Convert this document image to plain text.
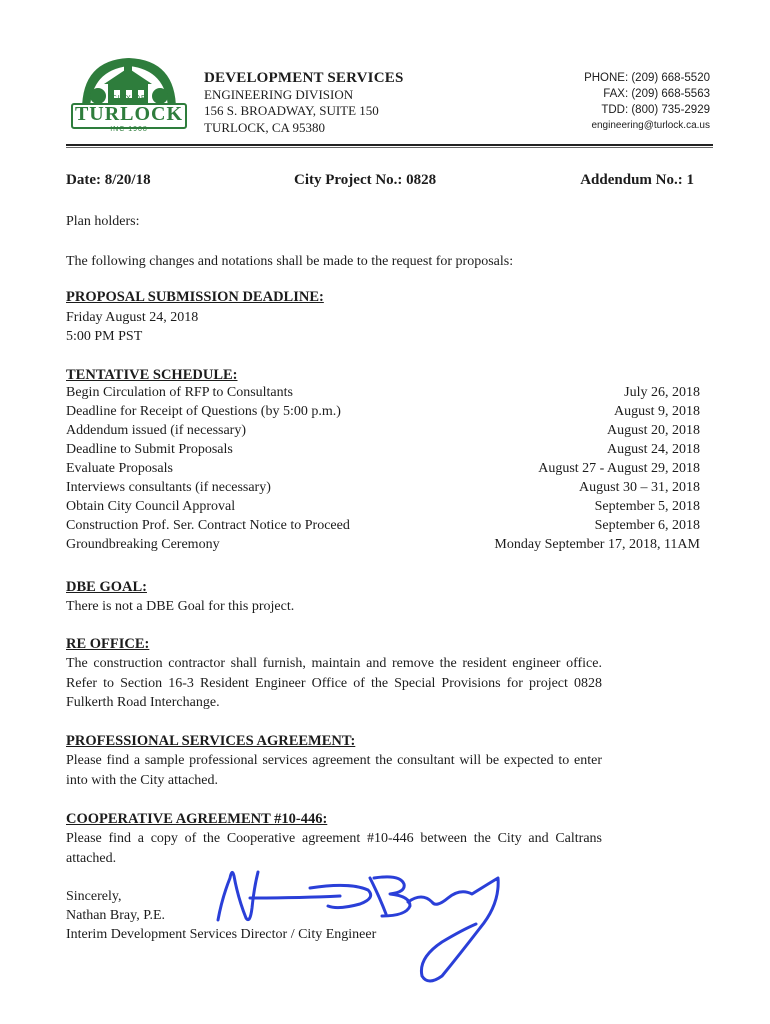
CITY OF
TURLOCK
INC 1908
DEVELOPMENT SERVICES
ENGINEERING DIVISION
156 S. BROADWAY, SUITE 150
TURLOCK, CA 95380
PHONE: (209) 668-5520
FAX: (209) 668-5563
TDD: (800) 735-2929
engineering@turlock.ca.us
Date: 8/20/18	City Project No.: 0828	Addendum No.: 1
Plan holders:
The following changes and notations shall be made to the request for proposals:
PROPOSAL SUBMISSION DEADLINE:
Friday August 24, 2018
5:00 PM PST
TENTATIVE SCHEDULE:
Begin Circulation of RFP to Consultants	July 26, 2018
Deadline for Receipt of Questions (by 5:00 p.m.)	August 9, 2018
Addendum issued (if necessary)	August 20, 2018
Deadline to Submit Proposals	August 24, 2018
Evaluate Proposals	August 27 - August 29, 2018
Interviews consultants (if necessary)	August 30 – 31, 2018
Obtain City Council Approval	September 5, 2018
Construction Prof. Ser. Contract Notice to Proceed	September 6, 2018
Groundbreaking Ceremony	Monday September 17, 2018, 11AM
DBE GOAL:
There is not a DBE Goal for this project.
RE OFFICE:
The construction contractor shall furnish, maintain and remove the resident engineer office. Refer to Section 16-3 Resident Engineer Office of the Special Provisions for project 0828 Fulkerth Road Interchange.
PROFESSIONAL SERVICES AGREEMENT:
Please find a sample professional services agreement the consultant will be expected to enter into with the City attached.
COOPERATIVE AGREEMENT #10-446:
Please find a copy of the Cooperative agreement #10-446 between the City and Caltrans attached.
Sincerely,
Nathan Bray, P.E.
Interim Development Services Director / City Engineer
